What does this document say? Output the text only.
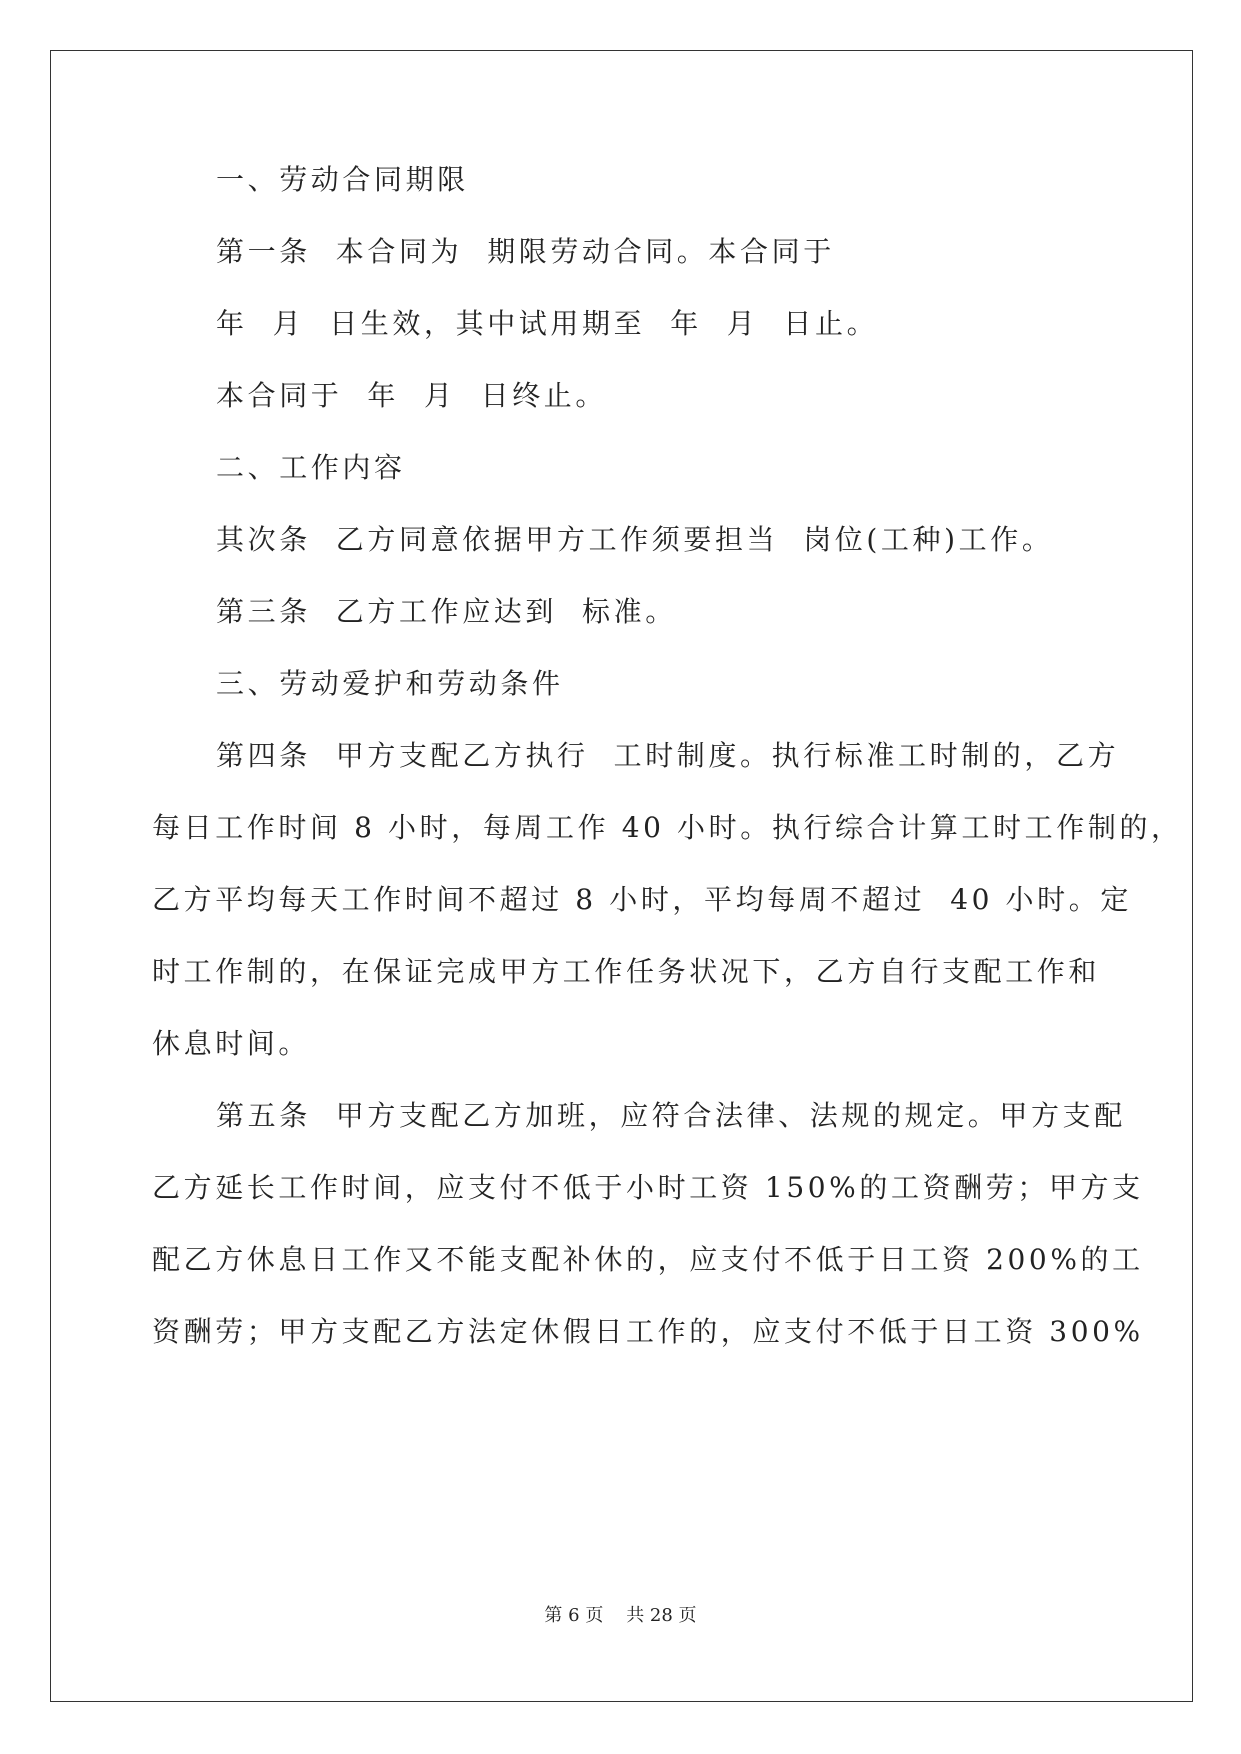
一、劳动合同期限
第一条  本合同为  期限劳动合同。本合同于
年  月  日生效，其中试用期至  年  月  日止。
本合同于  年  月  日终止。
二、工作内容
其次条  乙方同意依据甲方工作须要担当  岗位(工种)工作。
第三条  乙方工作应达到  标准。
三、劳动爱护和劳动条件
第四条  甲方支配乙方执行  工时制度。执行标准工时制的，乙方
每日工作时间 8 小时，每周工作 40 小时。执行综合计算工时工作制的，
乙方平均每天工作时间不超过 8 小时，平均每周不超过  40 小时。定
时工作制的，在保证完成甲方工作任务状况下，乙方自行支配工作和
休息时间。
第五条  甲方支配乙方加班，应符合法律、法规的规定。甲方支配
乙方延长工作时间，应支付不低于小时工资 150%的工资酬劳；甲方支
配乙方休息日工作又不能支配补休的，应支付不低于日工资 200%的工
资酬劳；甲方支配乙方法定休假日工作的，应支付不低于日工资 300%
第 6 页    共 28 页
